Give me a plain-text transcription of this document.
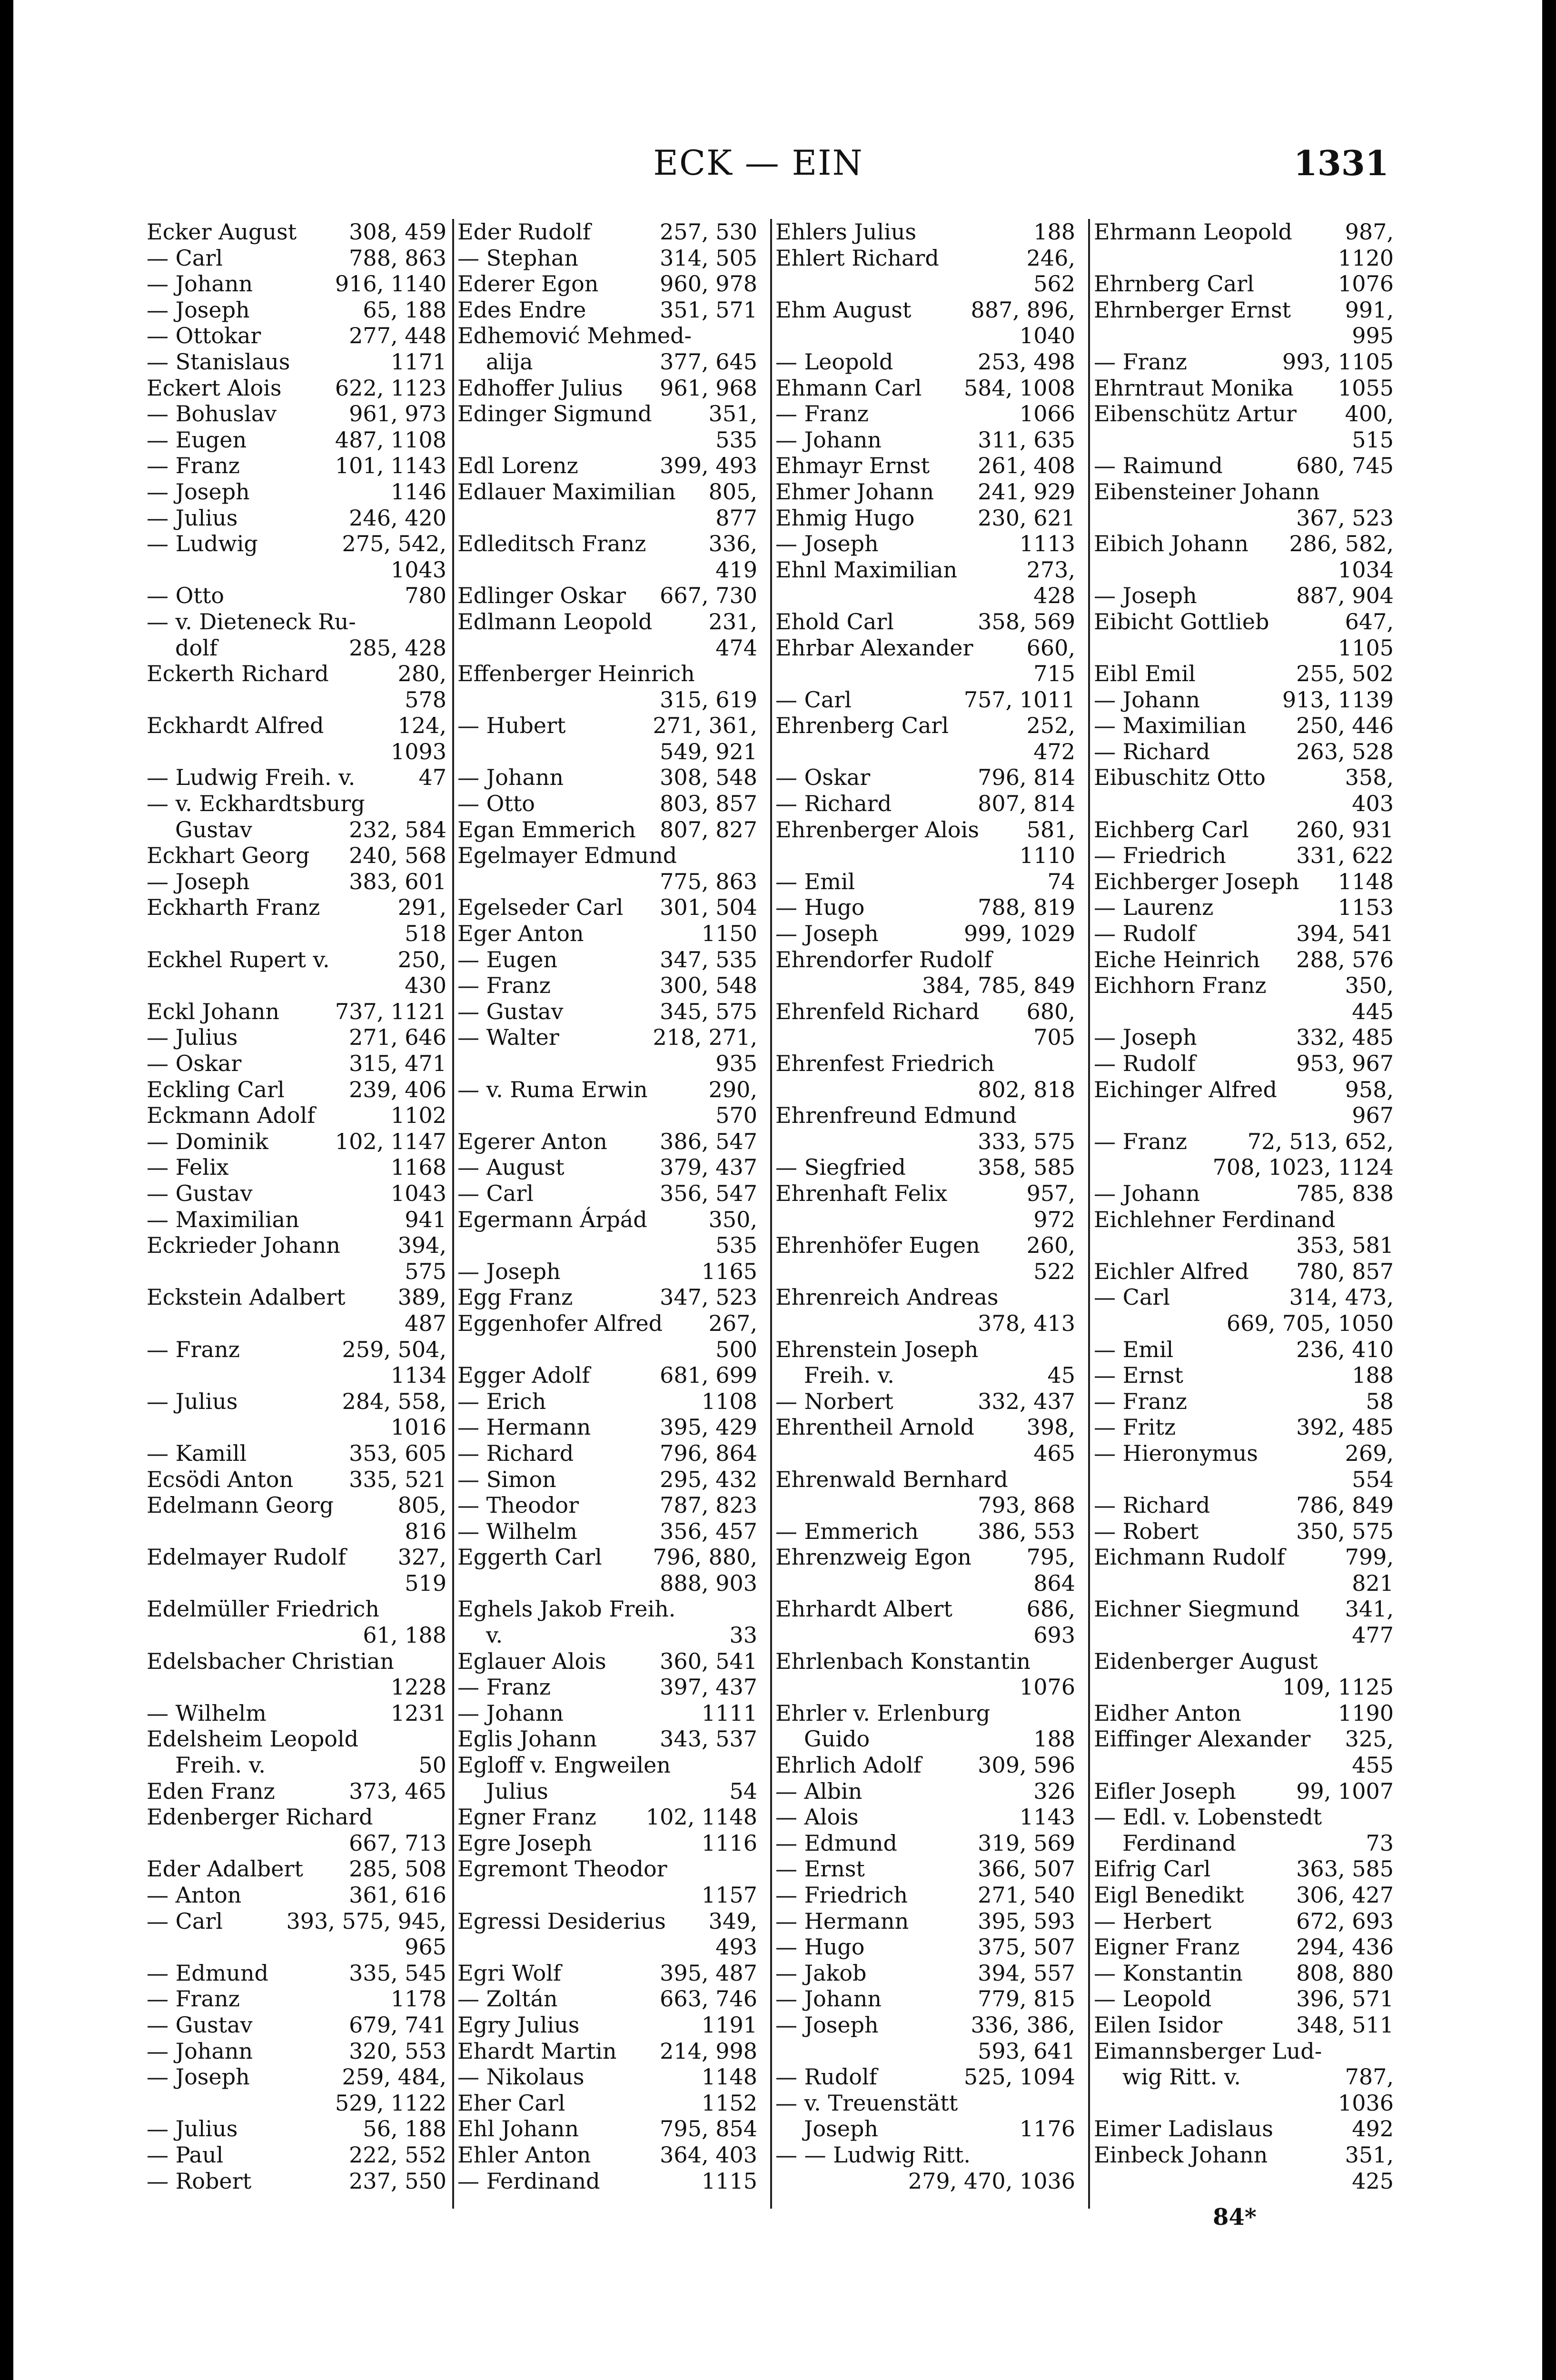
ECK — EIN	1331
Ecker August 308, 459
— Carl	788, 863
— Johann	916, 1140
— Joseph	65, 188
— Ottokar	277, 448
— Stanislaus	1171
Eckert Alois 622, 1123
— Bohuslav	961, 973
— Eugen	487, 1108
— Franz	101, 1143
— Joseph	1146
— Julius	246, 420
— Ludwig	275, 542,
1043
— Otto	780
— v. Dieteneck Ru-
dolf	285, 428
Eckerth Richard	280,
578
Eckhardt Alfred	124,
1093
— Ludwig Freih. v.	47
— v. Eckhardtsburg
Gustav	232, 584
Eckhart Georg 240, 568
— Joseph	383, 601
Eckharth Franz	291,
518
Eckhel Rupert v.	250,
430
Eckl Johann	737, 1121
— Julius	271, 646
— Oskar	315, 471
Eckling Carl	239, 406
Eckmann Adolf	1102
— Dominik	102, 1147
— Felix	1168
— Gustav	1043
— Maximilian	941
Eckrieder Johann	394,
575
Eckstein Adalbert 389,
487
— Franz	259, 504,
1134
— Julius	284, 558,
1016
— Kamill	353, 605
Ecsödi Anton	335, 521
Edelmann Georg	805,
816
Edelmayer Rudolf 327,
519
Edelmüller Friedrich
61, 188
Edelsbacher Christian
1228
— Wilhelm	1231
Edelsheim Leopold
Freih. v.	50
Eden Franz	373, 465
Edenberger Richard
667, 713
Eder Adalbert 285, 508
— Anton	361, 616
— Carl	393, 575, 945,
965
— Edmund	335, 545
— Franz	1178
— Gustav	679, 741
— Johann	320, 553
— Joseph	259, 484,
529, 1122
— Julius	56, 188
— Paul	222, 552
— Robert	237, 550
Eder Rudolf	257, 530
— Stephan	314, 505
Ederer Egon	960, 978
Edes Endre	351, 571
Edhemović Mehmed-
alija	377, 645
Edhoffer Julius 961, 968
Edinger Sigmund	351,
535
Edl Lorenz	399, 493
Edlauer Maximilian 805,
877
Edleditsch Franz	336,
419
Edlinger Oskar 667, 730
Edlmann Leopold	231,
474
Effenberger Heinrich
315, 619
— Hubert	271, 361,
549, 921
— Johann	308, 548
— Otto	803, 857
Egan Emmerich 807, 827
Egelmayer Edmund
775, 863
Egelseder Carl 301, 504
Eger Anton	1150
— Eugen	347, 535
— Franz	300, 548
— Gustav	345, 575
— Walter	218, 271,
935
— v. Ruma Erwin	290,
570
Egerer Anton 386, 547
— August	379, 437
— Carl	356, 547
Egermann Árpád	350,
535
— Joseph	1165
Egg Franz	347, 523
Eggenhofer Alfred 267,
500
Egger Adolf	681, 699
— Erich	1108
— Hermann	395, 429
— Richard	796, 864
— Simon	295, 432
— Theodor	787, 823
— Wilhelm	356, 457
Eggerth Carl 796, 880,
888, 903
Eghels Jakob Freih.
v.	33
Eglauer Alois 360, 541
— Franz	397, 437
— Johann	1111
Eglis Johann	343, 537
Egloff v. Engweilen
Julius	54
Egner Franz 102, 1148
Egre Joseph	1116
Egremont Theodor
1157
Egressi Desiderius 349,
493
Egri Wolf	395, 487
— Zoltán	663, 746
Egry Julius	1191
Ehardt Martin 214, 998
— Nikolaus	1148
Eher Carl	1152
Ehl Johann	795, 854
Ehler Anton	364, 403
— Ferdinand	1115
Ehlers Julius	188
Ehlert Richard	246,
562
Ehm August	887, 896,
1040
— Leopold	253, 498
Ehmann Carl 584, 1008
— Franz	1066
— Johann	311, 635
Ehmayr Ernst 261, 408
Ehmer Johann 241, 929
Ehmig Hugo	230, 621
— Joseph	1113
Ehnl Maximilian	273,
428
Ehold Carl	358, 569
Ehrbar Alexander 660,
715
— Carl	757, 1011
Ehrenberg Carl	252,
472
— Oskar	796, 814
— Richard	807, 814
Ehrenberger Alois 581,
1110
— Emil	74
— Hugo	788, 819
— Joseph	999, 1029
Ehrendorfer Rudolf
384, 785, 849
Ehrenfeld Richard 680,
705
Ehrenfest Friedrich
802, 818
Ehrenfreund Edmund
333, 575
— Siegfried	358, 585
Ehrenhaft Felix	957,
972
Ehrenhöfer Eugen 260,
522
Ehrenreich Andreas
378, 413
Ehrenstein Joseph
Freih. v.	45
— Norbert	332, 437
Ehrentheil Arnold 398,
465
Ehrenwald Bernhard
793, 868
— Emmerich	386, 553
Ehrenzweig Egon	795,
864
Ehrhardt Albert	686,
693
Ehrlenbach Konstantin
1076
Ehrler v. Erlenburg
Guido	188
Ehrlich Adolf	309, 596
— Albin	326
— Alois	1143
— Edmund	319, 569
— Ernst	366, 507
— Friedrich	271, 540
— Hermann	395, 593
— Hugo	375, 507
— Jakob	394, 557
— Johann	779, 815
— Joseph	336, 386,
593, 641
— Rudolf	525, 1094
— v. Treuenstätt
Joseph	1176
— — Ludwig Ritt.
279, 470, 1036
Ehrmann Leopold 987,
1120
Ehrnberg Carl	1076
Ehrnberger Ernst 991,
995
— Franz	993, 1105
Ehrntraut Monika 1055
Eibenschütz Artur 400,
515
— Raimund	680, 745
Eibensteiner Johann
367, 523
Eibich Johann 286, 582,
1034
— Joseph	887, 904
Eibicht Gottlieb	647,
1105
Eibl Emil	255, 502
— Johann	913, 1139
— Maximilian 250, 446
— Richard	263, 528
Eibuschitz Otto	358,
403
Eichberg Carl 260, 931
— Friedrich	331, 622
Eichberger Joseph 1148
— Laurenz	1153
— Rudolf	394, 541
Eiche Heinrich 288, 576
Eichhorn Franz	350,
445
— Joseph	332, 485
— Rudolf	953, 967
Eichinger Alfred	958,
967
— Franz	72, 513, 652,
708, 1023, 1124
— Johann	785, 838
Eichlehner Ferdinand
353, 581
Eichler Alfred 780, 857
— Carl	314, 473,
669, 705, 1050
— Emil	236, 410
— Ernst	188
— Franz	58
— Fritz	392, 485
— Hieronymus	269,
554
— Richard	786, 849
— Robert	350, 575
Eichmann Rudolf	799,
821
Eichner Siegmund 341,
477
Eidenberger August
109, 1125
Eidher Anton	1190
Eiffinger Alexander 325,
455
Eifler Joseph	99, 1007
— Edl. v. Lobenstedt
Ferdinand	73
Eifrig Carl	363, 585
Eigl Benedikt 306, 427
— Herbert	672, 693
Eigner Franz	294, 436
— Konstantin 808, 880
— Leopold	396, 571
Eilen Isidor	348, 511
Eimannsberger Lud-
wig Ritt. v.	787,
1036
Eimer Ladislaus	492
Einbeck Johann	351,
425
84*
